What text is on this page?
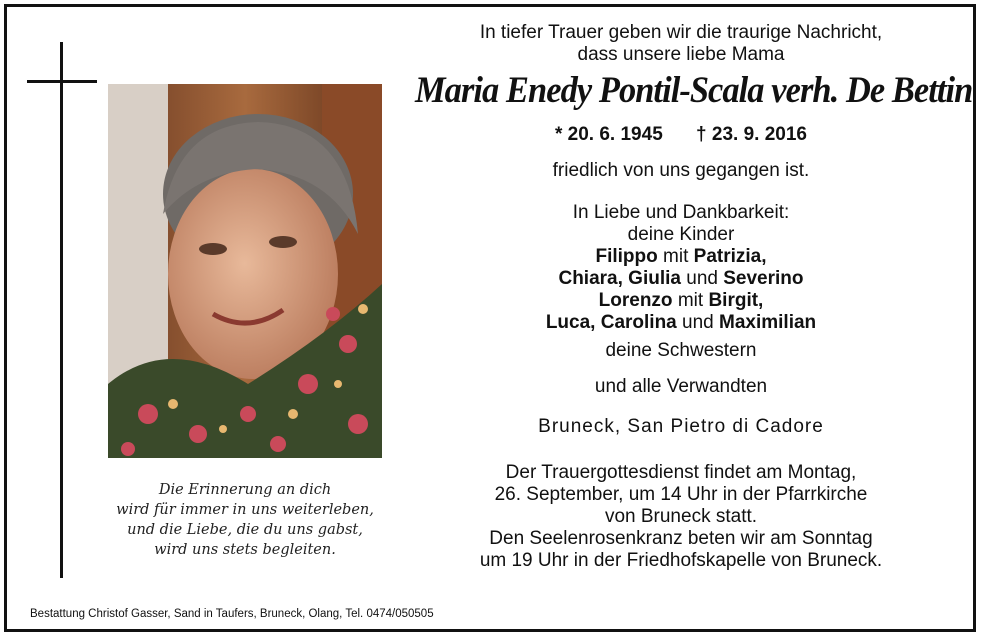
Die Erinnerung an dich
wird für immer in uns weiterleben,
und die Liebe, die du uns gabst,
wird uns stets begleiten.
In tiefer Trauer geben wir die traurige Nachricht,
dass unsere liebe Mama
Maria Enedy Pontil-Scala verh. De Bettin
* 20. 6. 1945 † 23. 9. 2016
friedlich von uns gegangen ist.
In Liebe und Dankbarkeit:
deine Kinder
Filippo mit Patrizia,
Chiara, Giulia und Severino
Lorenzo mit Birgit,
Luca, Carolina und Maximilian
deine Schwestern
und alle Verwandten
Bruneck, San Pietro di Cadore
Der Trauergottesdienst findet am Montag,
26. September, um 14 Uhr in der Pfarrkirche
von Bruneck statt.
Den Seelenrosenkranz beten wir am Sonntag
um 19 Uhr in der Friedhofskapelle von Bruneck.
Bestattung Christof Gasser, Sand in Taufers, Bruneck, Olang, Tel. 0474/050505
